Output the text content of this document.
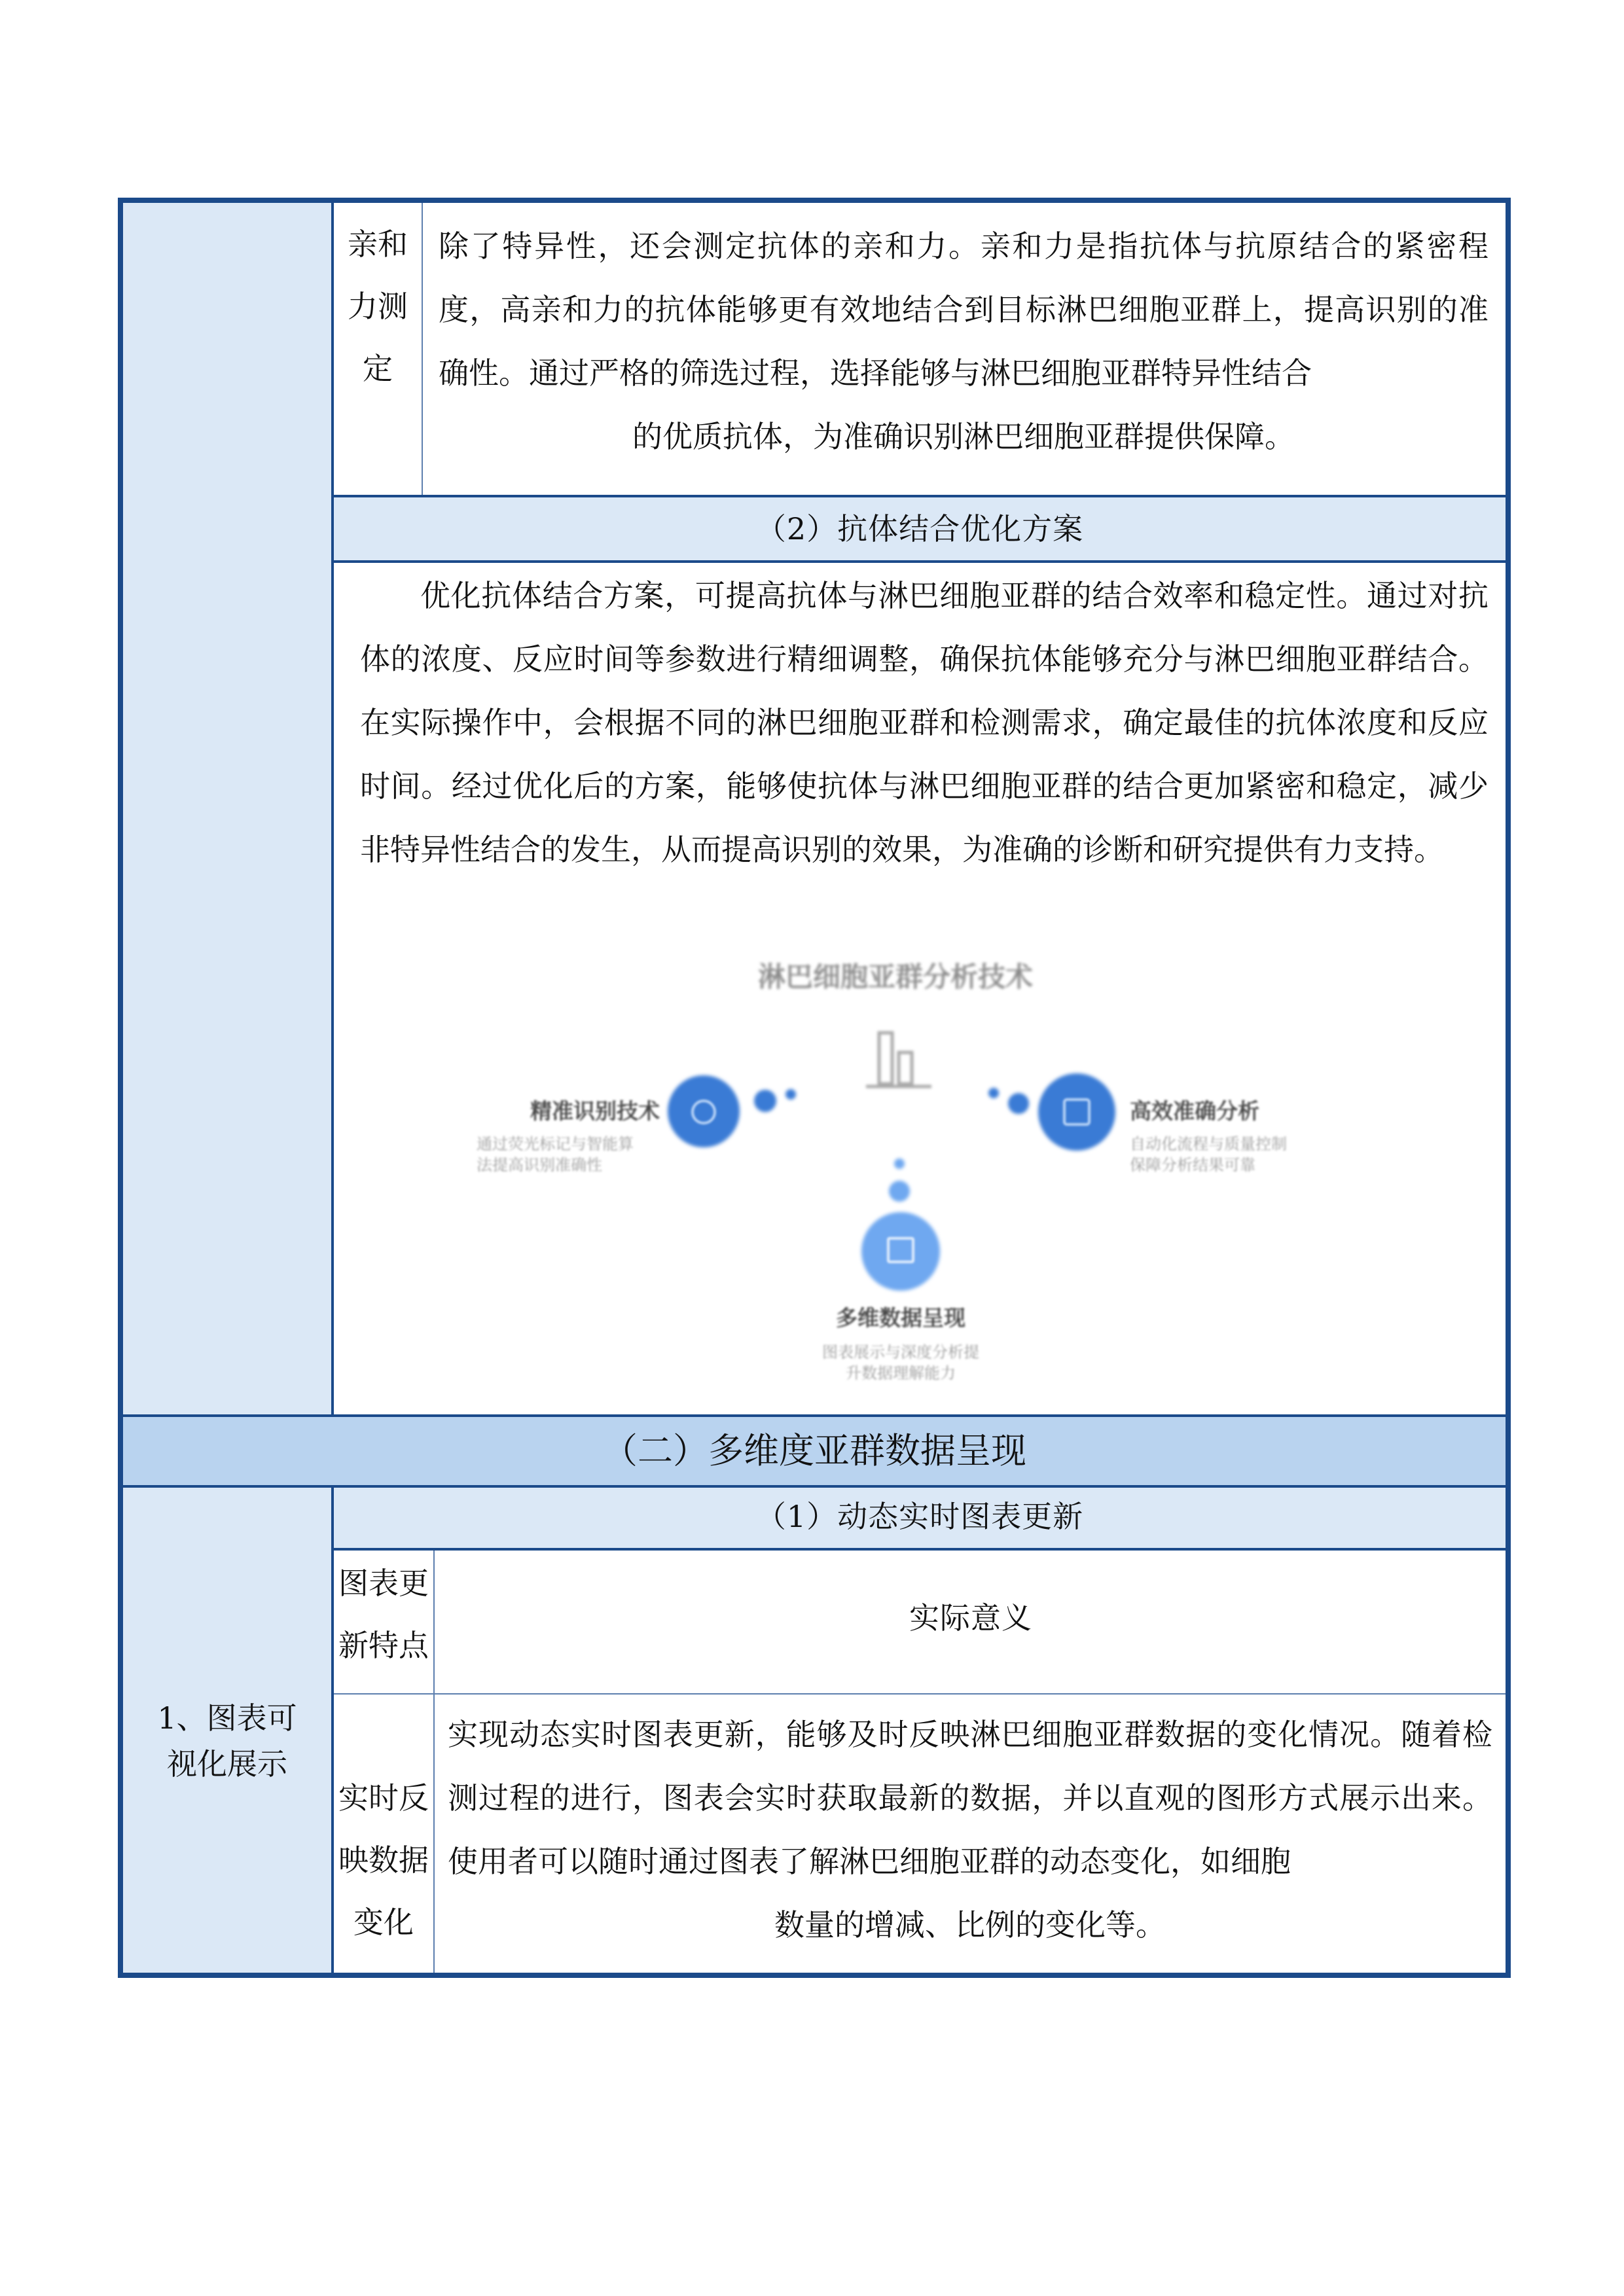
亲和
力测
定

除了特异性，还会测定抗体的亲和力。亲和力是指抗体与抗原结合的紧密程度，高亲和力的抗体能够更有效地结合到目标淋巴细胞亚群上，提高识别的准确性。通过严格的筛选过程，选择能够与淋巴细胞亚群特异性结合

的优质抗体，为准确识别淋巴细胞亚群提供保障。

（2）抗体结合优化方案

优化抗体结合方案，可提高抗体与淋巴细胞亚群的结合效率和稳定性。通过对抗体的浓度、反应时间等参数进行精细调整，确保抗体能够充分与淋巴细胞亚群结合。在实际操作中，会根据不同的淋巴细胞亚群和检测需求，确定最佳的抗体浓度和反应时间。经过优化后的方案，能够使抗体与淋巴细胞亚群的结合更加紧密和稳定，减少非特异性结合的发生，从而提高识别的效果，为准确的诊断和研究提供有力支持。

淋巴细胞亚群分析技术
精准识别技术
通过荧光标记与智能算
法提高识别准确性
高效准确分析
自动化流程与质量控制
保障分析结果可靠
多维数据呈现
图表展示与深度分析提
升数据理解能力
（二）多维度亚群数据呈现
1、图表可
视化展示
（1）动态实时图表更新
图表更
新特点
实际意义
实时反
映数据
变化

实现动态实时图表更新，能够及时反映淋巴细胞亚群数据的变化情况。随着检测过程的进行，图表会实时获取最新的数据，并以直观的图形方式展示出来。使用者可以随时通过图表了解淋巴细胞亚群的动态变化，如细胞

数量的增减、比例的变化等。
